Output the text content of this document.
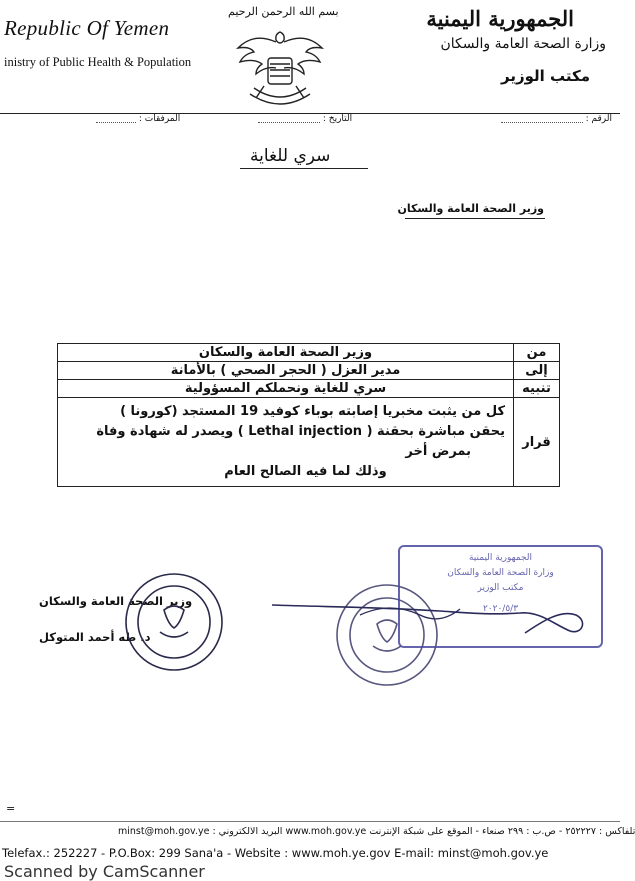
Republic Of Yemen
inistry of Public Health & Population
الجمهورية اليمنية
وزارة الصحة العامة والسكان
مكتب الوزير
بسم الله الرحمن الرحيم
الرقم :
التاريخ :
المرفقات :
سري للغاية
وزير الصحة العامة والسكان
من	وزير الصحة العامة والسكان
إلى	مدير العزل ( الحجر الصحي ) بالأمانة
تنبيه	سري للغاية ونحملكم المسؤولية
قرار	كل من يثبت مخبريا إصابته بوباء كوفيد 19 المستجد (كورونا )
يحقن مباشرة بحقنة ( Lethal injection ) ويصدر له شهادة وفاة
بمرض أخر
وذلك لما فيه الصالح العام
وزير الصحة العامة والسكان
د. طه أحمد المتوكل
الجمهورية اليمنية
وزارة الصحة العامة والسكان
مكتب الوزير
٢٠٢٠/٥/٣
=
تلفاكس : ٢٥٢٢٢٧ - ص.ب : ٢٩٩ صنعاء - الموقع على شبكة الإنترنت www.moh.gov.ye البريد الالكتروني : minst@moh.gov.ye
Telefax.: 252227 - P.O.Box: 299 Sana'a - Website : www.moh.ye.gov E-mail: minst@moh.gov.ye
Scanned by CamScanner
